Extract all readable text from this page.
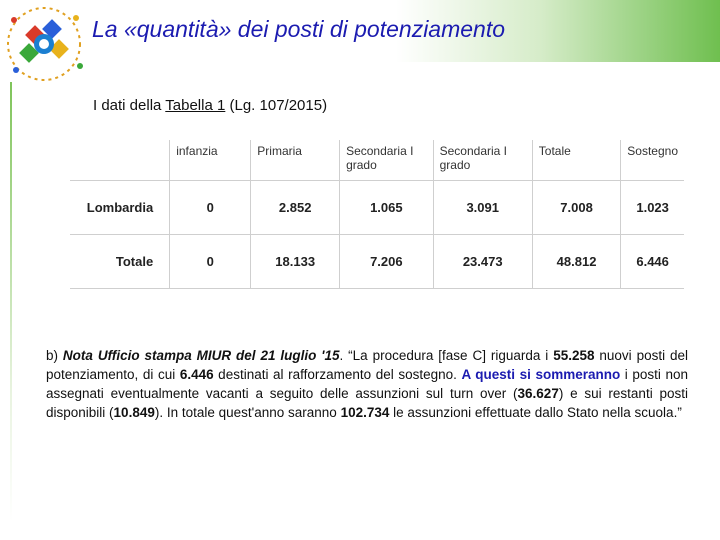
La «quantità» dei posti di potenziamento
I dati della Tabella 1 (Lg. 107/2015)
	infanzia	Primaria	Secondaria I grado	Secondaria I grado	Totale	Sostegno
Lombardia	0	2.852	1.065	3.091	7.008	1.023
Totale	0	18.133	7.206	23.473	48.812	6.446
b) Nota Ufficio stampa MIUR del 21 luglio '15. “La procedura [fase C] riguarda i 55.258 nuovi posti del potenziamento, di cui 6.446 destinati al rafforzamento del sostegno. A questi si sommeranno i posti non assegnati eventualmente vacanti a seguito delle assunzioni sul turn over (36.627) e sui restanti posti disponibili (10.849). In totale quest'anno saranno 102.734 le assunzioni effettuate dallo Stato nella scuola.”
